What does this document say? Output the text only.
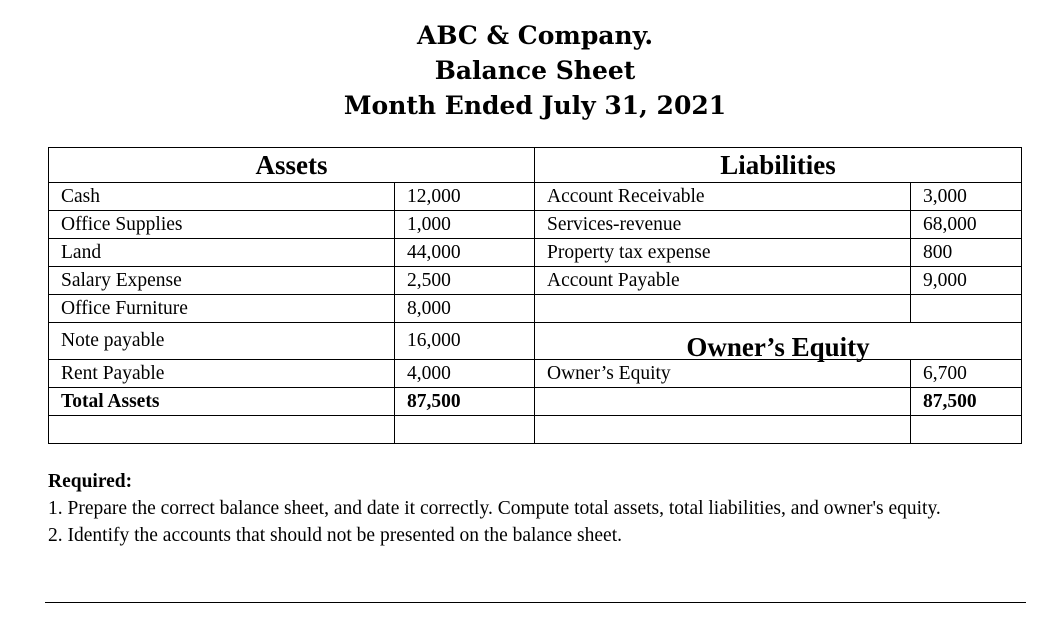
ABC & Company.
Balance Sheet
Month Ended July 31, 2021
Assets		Liabilities	
Cash	12,000	Account Receivable	3,000
Office Supplies	1,000	Services-revenue	68,000
Land	44,000	Property tax expense	800
Salary Expense	2,500	Account Payable	9,000
Office Furniture	8,000		
Note payable	16,000	Owner’s Equity	
Rent Payable	4,000	Owner’s Equity	6,700
Total Assets	87,500		87,500

Required:
1. Prepare the correct balance sheet, and date it correctly. Compute total assets, total liabilities, and owner's equity.
2. Identify the accounts that should not be presented on the balance sheet.
